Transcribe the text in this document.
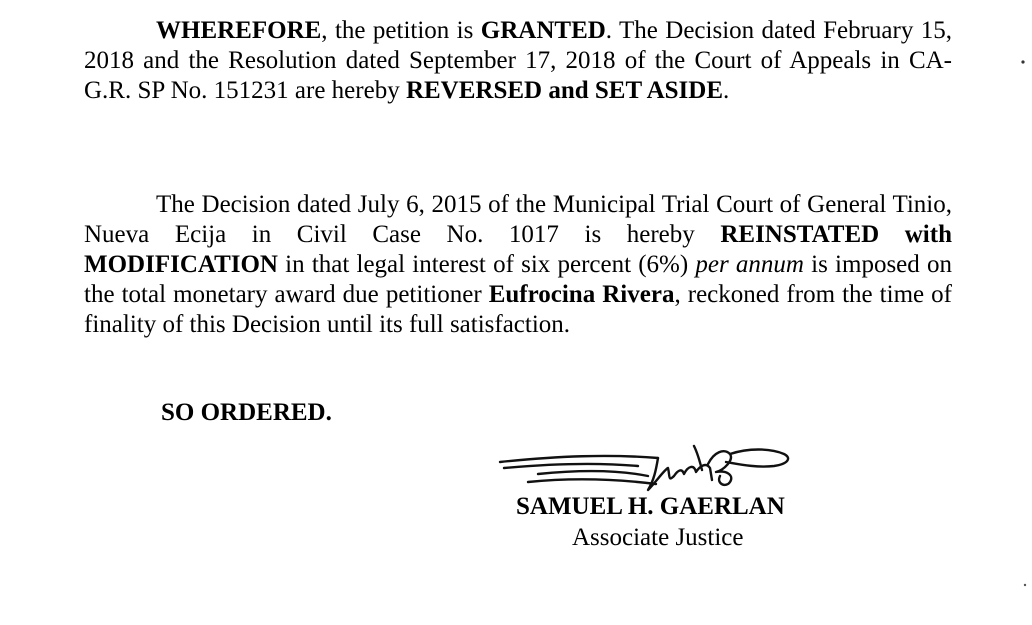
WHEREFORE, the petition is GRANTED. The Decision dated February 15, 2018 and the Resolution dated September 17, 2018 of the Court of Appeals in CA-G.R. SP No. 151231 are hereby REVERSED and SET ASIDE.

The Decision dated July 6, 2015 of the Municipal Trial Court of General Tinio, Nueva Ecija in Civil Case No. 1017 is hereby REINSTATED with MODIFICATION in that legal interest of six percent (6%) per annum is imposed on the total monetary award due petitioner Eufrocina Rivera, reckoned from the time of finality of this Decision until its full satisfaction.

SO ORDERED.

SAMUEL H. GAERLAN

Associate Justice
